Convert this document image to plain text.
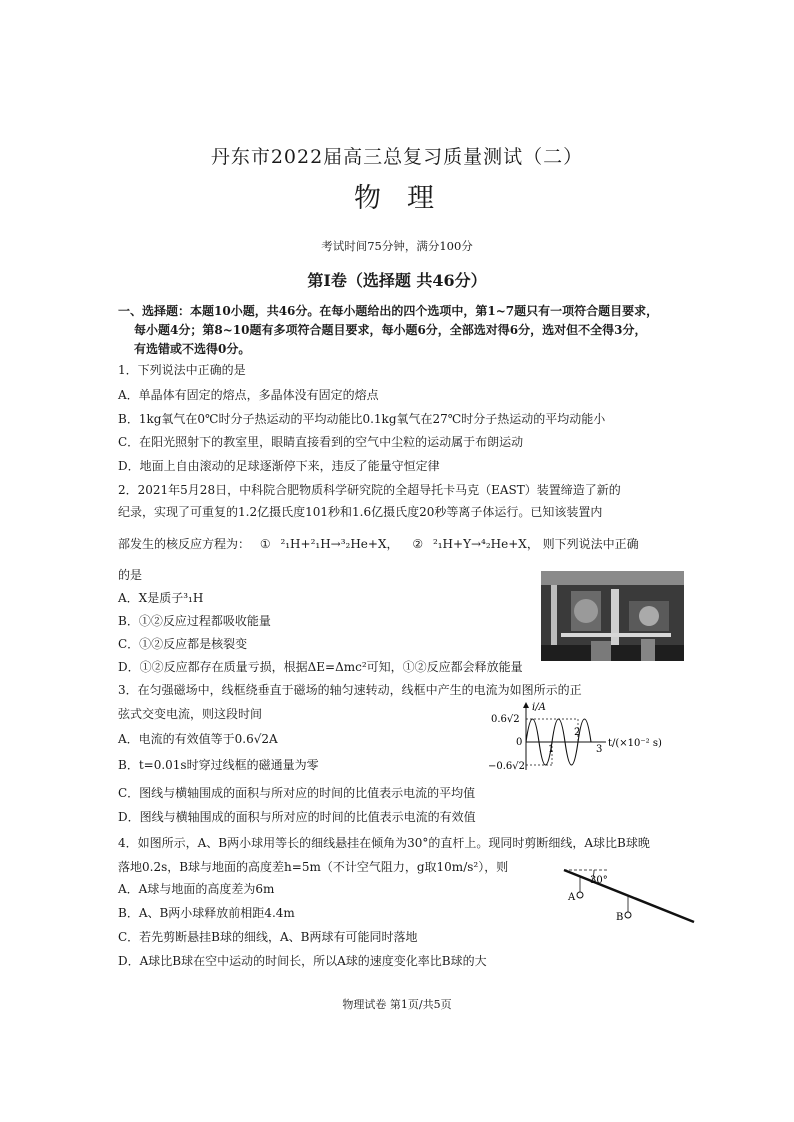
丹东市2022届高三总复习质量测试（二）
物理
考试时间75分钟，满分100分
第Ⅰ卷（选择题 共46分）
一、选择题：本题10小题，共46分。在每小题给出的四个选项中，第1~7题只有一项符合题目要求，
每小题4分；第8~10题有多项符合题目要求，每小题6分，全部选对得6分，选对但不全得3分，
有选错或不选得0分。
1．下列说法中正确的是
A．单晶体有固定的熔点，多晶体没有固定的熔点
B．1kg氧气在0℃时分子热运动的平均动能比0.1kg氧气在27℃时分子热运动的平均动能小
C．在阳光照射下的教室里，眼睛直接看到的空气中尘粒的运动属于布朗运动
D．地面上自由滚动的足球逐渐停下来，违反了能量守恒定律
2．2021年5月28日，中科院合肥物质科学研究院的全超导托卡马克（EAST）装置缔造了新的
纪录，实现了可重复的1.2亿摄氏度101秒和1.6亿摄氏度20秒等离子体运行。已知该装置内
部发生的核反应方程为： ① ²₁H+²₁H→³₂He+X， ② ²₁H+Y→⁴₂He+X， 则下列说法中正确
的是
A．X是质子³₁H
B．①②反应过程都吸收能量
C．①②反应都是核裂变
D．①②反应都存在质量亏损，根据ΔE=Δmc²可知，①②反应都会释放能量
3．在匀强磁场中，线框绕垂直于磁场的轴匀速转动，线框中产生的电流为如图所示的正
弦式交变电流，则这段时间
A．电流的有效值等于0.6√2A
B．t=0.01s时穿过线框的磁通量为零
C．图线与横轴围成的面积与所对应的时间的比值表示电流的平均值
D．图线与横轴围成的面积与所对应的时间的比值表示电流的有效值
i/A
t/(×10⁻² s)
0.6√2
0
−0.6√2
1
2
3
4．如图所示，A、B两小球用等长的细线悬挂在倾角为30°的直杆上。现同时剪断细线，A球比B球晚
落地0.2s，B球与地面的高度差h=5m（不计空气阻力，g取10m/s²），则
A．A球与地面的高度差为6m
B．A、B两小球释放前相距4.4m
C．若先剪断悬挂B球的细线，A、B两球有可能同时落地
D．A球比B球在空中运动的时间长，所以A球的速度变化率比B球的大
30°
A
B
物理试卷 第1页/共5页
